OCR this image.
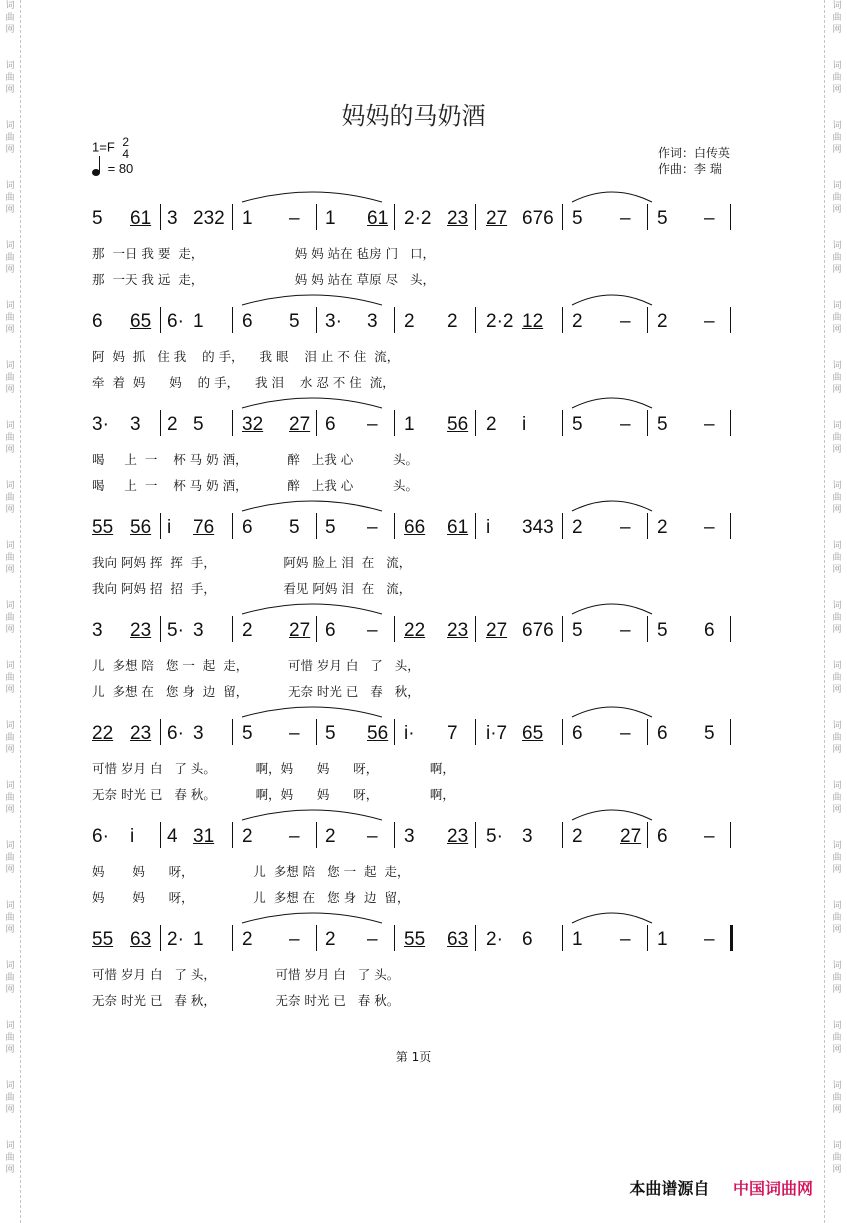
词
曲
网
词
曲
网
词
曲
网
词
曲
网
词
曲
网
词
曲
网
词
曲
网
词
曲
网
词
曲
网
词
曲
网
词
曲
网
词
曲
网
词
曲
网
词
曲
网
词
曲
网
词
曲
网
词
曲
网
词
曲
网
词
曲
网
词
曲
网
词
曲
网
词
曲
网
词
曲
网
词
曲
网
词
曲
网
词
曲
网
词
曲
网
词
曲
网
词
曲
网
词
曲
网
词
曲
网
词
曲
网
词
曲
网
词
曲
网
词
曲
网
词
曲
网
词
曲
网
词
曲
网
词
曲
网
词
曲
网
妈妈的马奶酒
1=F 2
4
= 80
作词：白传英
作曲：李 瑞
5 61 3 232 1 – 1 61 2·2 23 27 676 5 – 5 –
那  一日 我 要  走，                       妈 妈 站在 毡房 门   口，
那  一天 我 远  走，                       妈 妈 站在 草原 尽   头，
6 65 6· 1 6 5 3· 3 2 2 2·2 12 2 – 2 –
阿  妈  抓   住 我    的 手，    我 眼    泪 止 不 住  流，
牵  着  妈      妈    的 手，    我 泪    水 忍 不 住  流，
3· 3 2 5 32 27 6 – 1 56 2 i 5 – 5 –
喝     上  一    杯 马 奶 酒，          醉   上我 心          头。
喝     上  一    杯 马 奶 酒，          醉   上我 心          头。
55 56 i 76 6 5 5 – 66 61 i 343 2 – 2 –
我向 阿妈 挥  挥  手，                 阿妈 脸上 泪  在   流，
我向 阿妈 招  招  手，                 看见 阿妈 泪  在   流，
3 23 5· 3 2 27 6 – 22 23 27 676 5 – 5 6
儿  多想 陪   您 一  起  走，          可惜 岁月 白   了   头，
儿  多想 在   您 身  边  留，          无奈 时光 已   春   秋，
22 23 6· 3 5 – 5 56 i· 7 i·7 65 6 – 6 5
可惜 岁月 白   了 头。          啊，妈      妈      呀，             啊，
无奈 时光 已   春 秋。          啊，妈      妈      呀，             啊，
6· i 4 31 2 – 2 – 3 23 5· 3 2 27 6 –
妈       妈      呀，               儿  多想 陪   您 一  起  走，
妈       妈      呀，               儿  多想 在   您 身  边  留，
55 63 2· 1 2 – 2 – 55 63 2· 6 1 – 1 –
可惜 岁月 白   了 头，               可惜 岁月 白   了 头。
无奈 时光 已   春 秋，               无奈 时光 已   春 秋。
第 1页
本曲谱源自 中国词曲网
